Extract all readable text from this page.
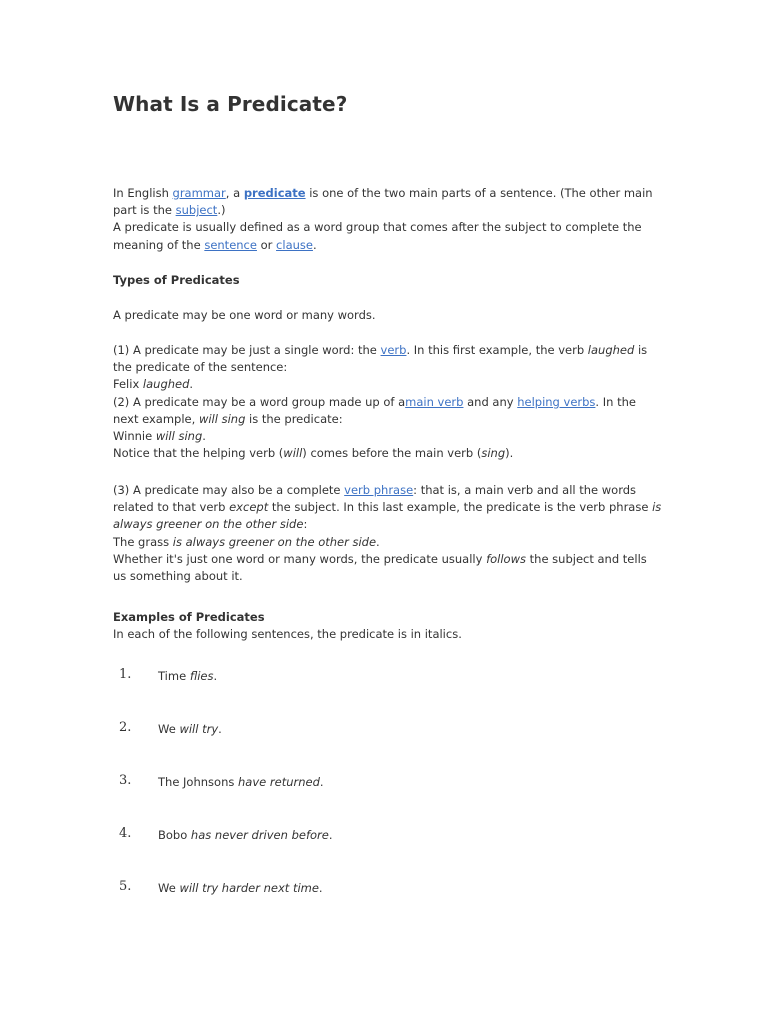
What Is a Predicate?

In English grammar, a predicate is one of the two main parts of a sentence. (The other main part is the subject.)

A predicate is usually defined as a word group that comes after the subject to complete the meaning of the sentence or clause.

Types of Predicates
A predicate may be one word or many words.

(1) A predicate may be just a single word: the verb. In this first example, the verb laughed is the predicate of the sentence:

Felix laughed.

(2) A predicate may be a word group made up of amain verb and any helping verbs. In the next example, will sing is the predicate:

Winnie will sing.

Notice that the helping verb (will) comes before the main verb (sing).

(3) A predicate may also be a complete verb phrase: that is, a main verb and all the words related to that verb except the subject. In this last example, the predicate is the verb phrase is always greener on the other side:

The grass is always greener on the other side.

Whether it's just one word or many words, the predicate usually follows the subject and tells us something about it.

Examples of Predicates
In each of the following sentences, the predicate is in italics.
1. Time flies.
2. We will try.
3. The Johnsons have returned.
4. Bobo has never driven before.
5. We will try harder next time.
